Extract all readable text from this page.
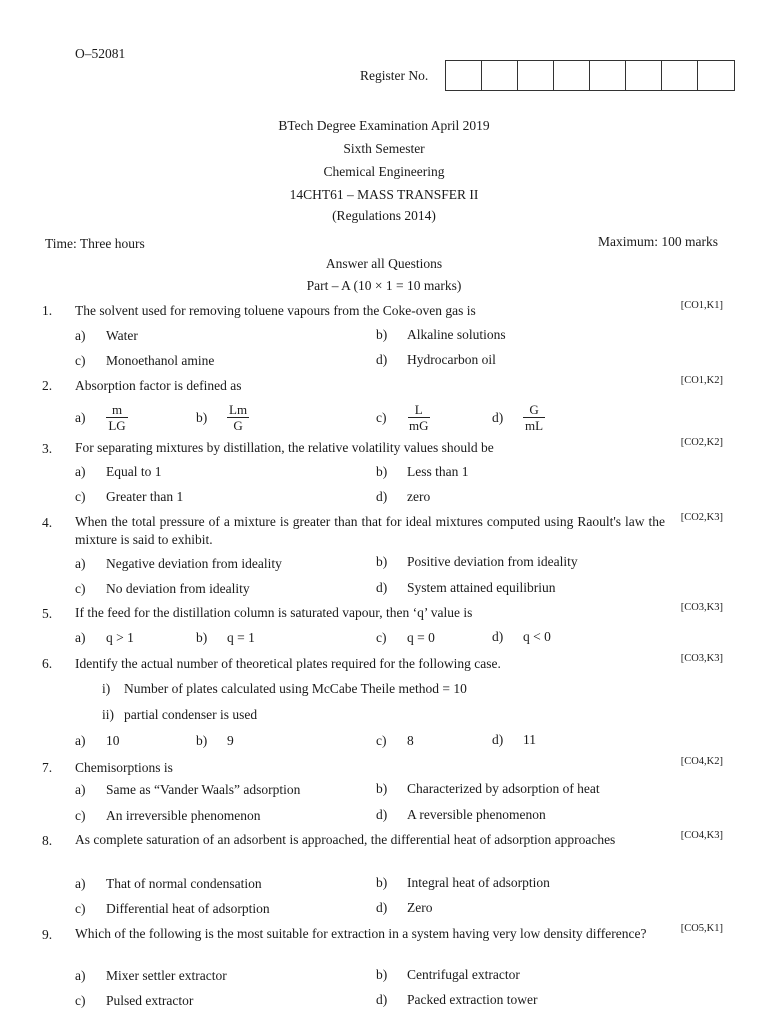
O–52081
Register No.
BTech Degree Examination April 2019
Sixth Semester
Chemical Engineering
14CHT61 – MASS TRANSFER II
(Regulations 2014)
Time: Three hours	Maximum: 100 marks
Answer all Questions
Part – A (10 × 1 = 10 marks)
1. The solvent used for removing toluene vapours from the Coke-oven gas is	[CO1,K1]
a)	Water	b)	Alkaline solutions
c)	Monoethanol amine	d)	Hydrocarbon oil
2. Absorption factor is defined as	[CO1,K2]
a)	$\frac{m}{LG}$	b)	$\frac{Lm}{G}$	c)	$\frac{L}{mG}$	d)	$\frac{G}{mL}$
3. For separating mixtures by distillation, the relative volatility values should be	[CO2,K2]
a)	Equal to 1	b)	Less than 1
c)	Greater than 1	d)	zero
4. When the total pressure of a mixture is greater than that for ideal mixtures computed using Raoult's law the mixture is said to exhibit.
[CO2,K3]
a)	Negative deviation from ideality	b)	Positive deviation from ideality
c)	No deviation from ideality	d)	System attained equilibriun
5. If the feed for the distillation column is saturated vapour, then ‘q’ value is	[CO3,K3]
a)	q > 1	b)	q = 1	c)	q = 0	d)	q < 0
6. Identify the actual number of theoretical plates required for the following case.	[CO3,K3]
i)	Number of plates calculated using McCabe Theile method = 10
ii) partial condenser is used
a)	10	b)	9	c)	8	d)	11
7. Chemisorptions is	[CO4,K2]
a)	Same as “Vander Waals” adsorption	b)	Characterized by adsorption of heat
c)	An irreversible phenomenon	d)	A reversible phenomenon
8. As complete saturation of an adsorbent is approached, the differential heat of adsorption approaches	[CO4,K3]
a)	That of normal condensation	b)	Integral heat of adsorption
c)	Differential heat of adsorption	d)	Zero
9. Which of the following is the most suitable for extraction in a system having very low density difference?	[CO5,K1]
a)	Mixer settler extractor	b)	Centrifugal extractor
c)	Pulsed extractor	d)	Packed extraction tower
